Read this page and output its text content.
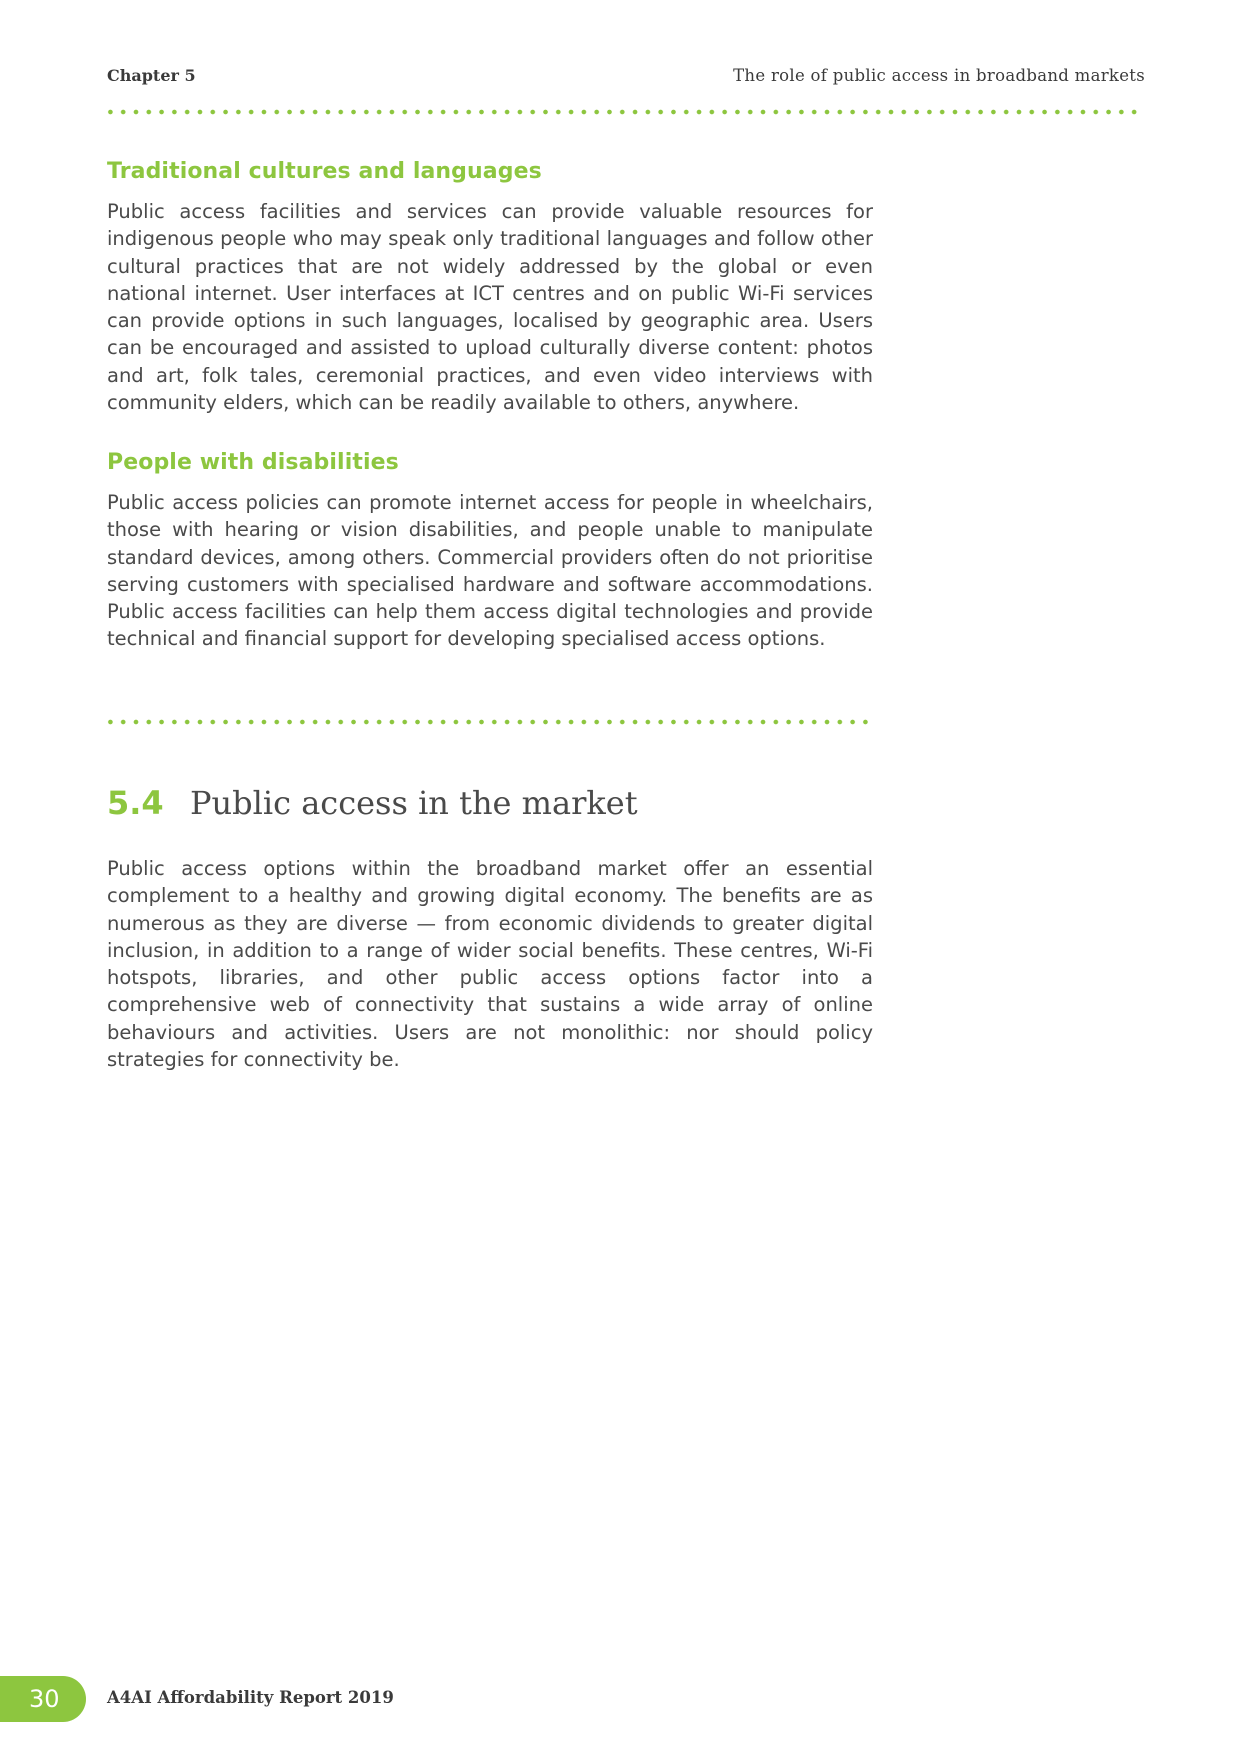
Chapter 5	The role of public access in broadband markets
Traditional cultures and languages

Public access facilities and services can provide valuable resources for indigenous people who may speak only traditional languages and follow other cultural practices that are not widely addressed by the global or even national internet. User interfaces at ICT centres and on public Wi-Fi services can provide options in such languages, localised by geographic area. Users can be encouraged and assisted to upload culturally diverse content: photos and art, folk tales, ceremonial practices, and even video interviews with community elders, which can be readily available to others, anywhere.

People with disabilities

Public access policies can promote internet access for people in wheelchairs, those with hearing or vision disabilities, and people unable to manipulate standard devices, among others. Commercial providers often do not prioritise serving customers with specialised hardware and software accommodations. Public access facilities can help them access digital technologies and provide technical and financial support for developing specialised access options.

5.4 Public access in the market

Public access options within the broadband market offer an essential complement to a healthy and growing digital economy. The benefits are as numerous as they are diverse — from economic dividends to greater digital inclusion, in addition to a range of wider social benefits. These centres, Wi-Fi hotspots, libraries, and other public access options factor into a comprehensive web of connectivity that sustains a wide array of online behaviours and activities. Users are not monolithic: nor should policy strategies for connectivity be.

30	A4AI Affordability Report 2019
